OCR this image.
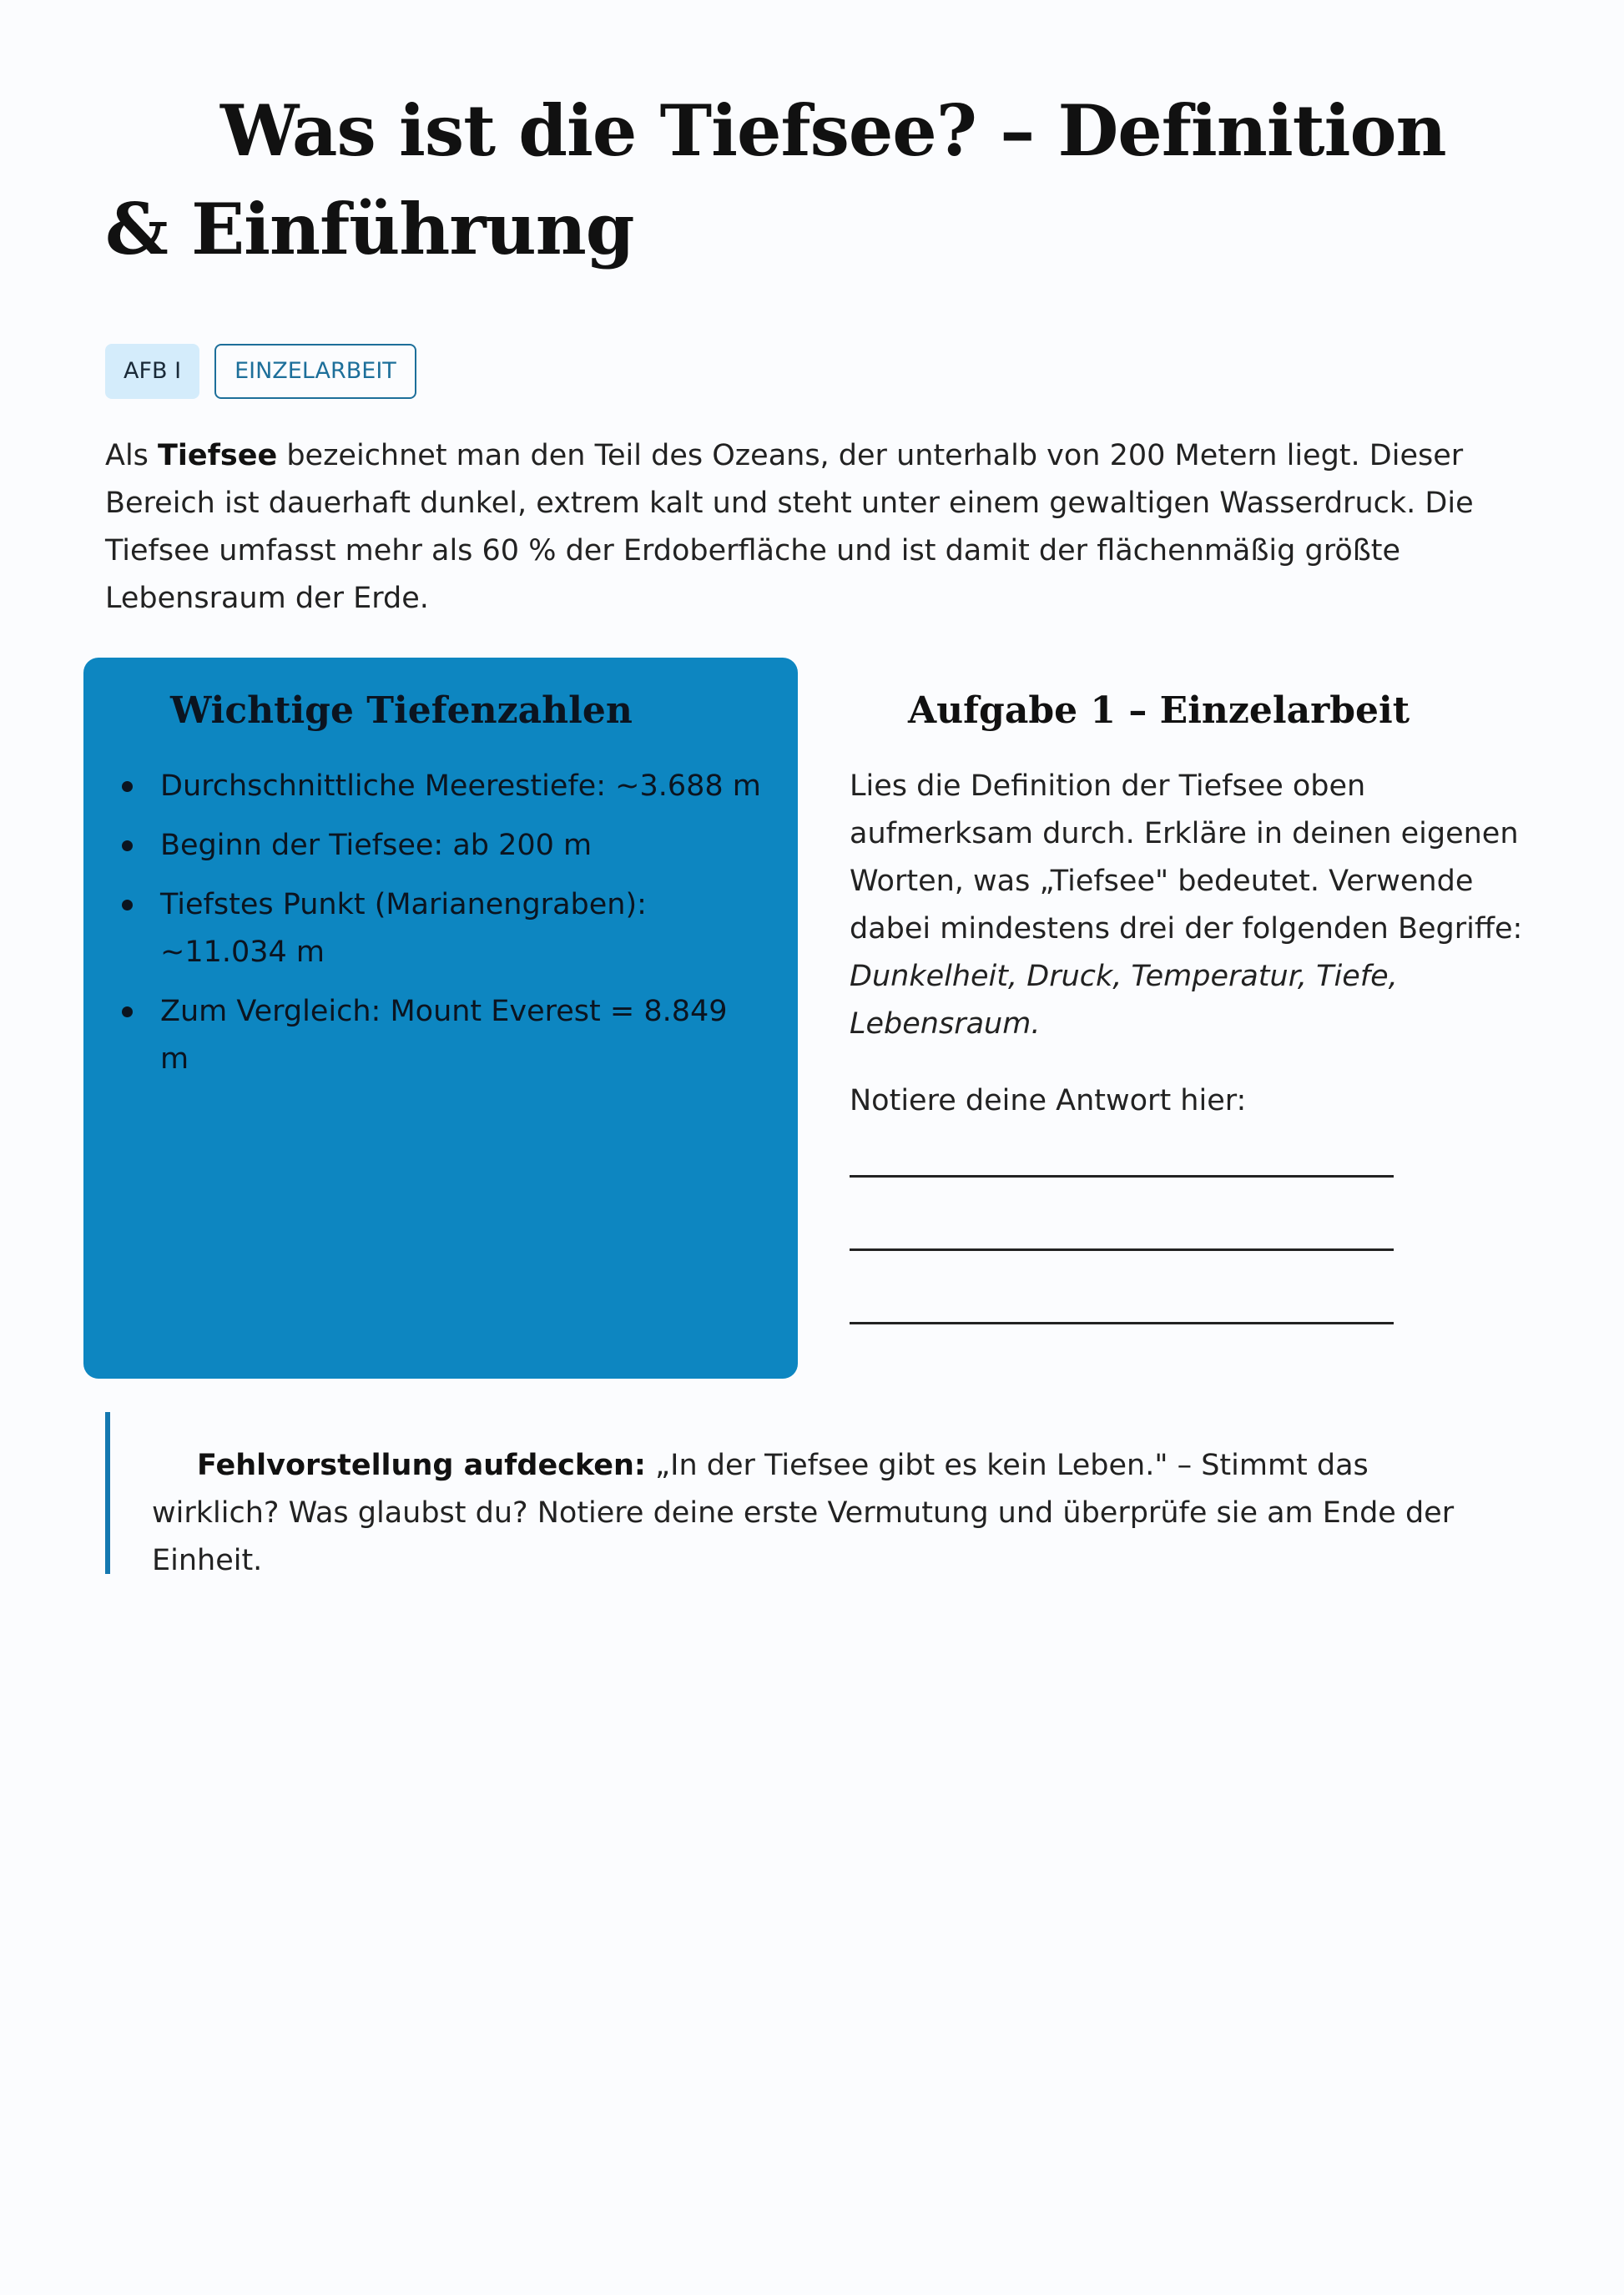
Was ist die Tiefsee? – Definition & Einführung
AFB I	EINZELARBEIT

Als Tiefsee bezeichnet man den Teil des Ozeans, der unterhalb von 200 Metern liegt. Dieser Bereich ist dauerhaft dunkel, extrem kalt und steht unter einem gewaltigen Wasserdruck. Die Tiefsee umfasst mehr als 60 % der Erdoberfläche und ist damit der flächenmäßig größte Lebensraum der Erde.

Wichtige Tiefenzahlen
Durchschnittliche Meerestiefe: ~3.688 m
Beginn der Tiefsee: ab 200 m
Tiefstes Punkt (Marianengraben): ~11.034 m
Zum Vergleich: Mount Everest = 8.849 m
Aufgabe 1 – Einzelarbeit

Lies die Definition der Tiefsee oben aufmerksam durch. Erkläre in deinen eigenen Worten, was „Tiefsee" bedeutet. Verwende dabei mindestens drei der folgenden Begriffe: Dunkelheit, Druck, Temperatur, Tiefe, Lebensraum.

Notiere deine Antwort hier:

Fehlvorstellung aufdecken: „In der Tiefsee gibt es kein Leben." – Stimmt das wirklich? Was glaubst du? Notiere deine erste Vermutung und überprüfe sie am Ende der Einheit.
